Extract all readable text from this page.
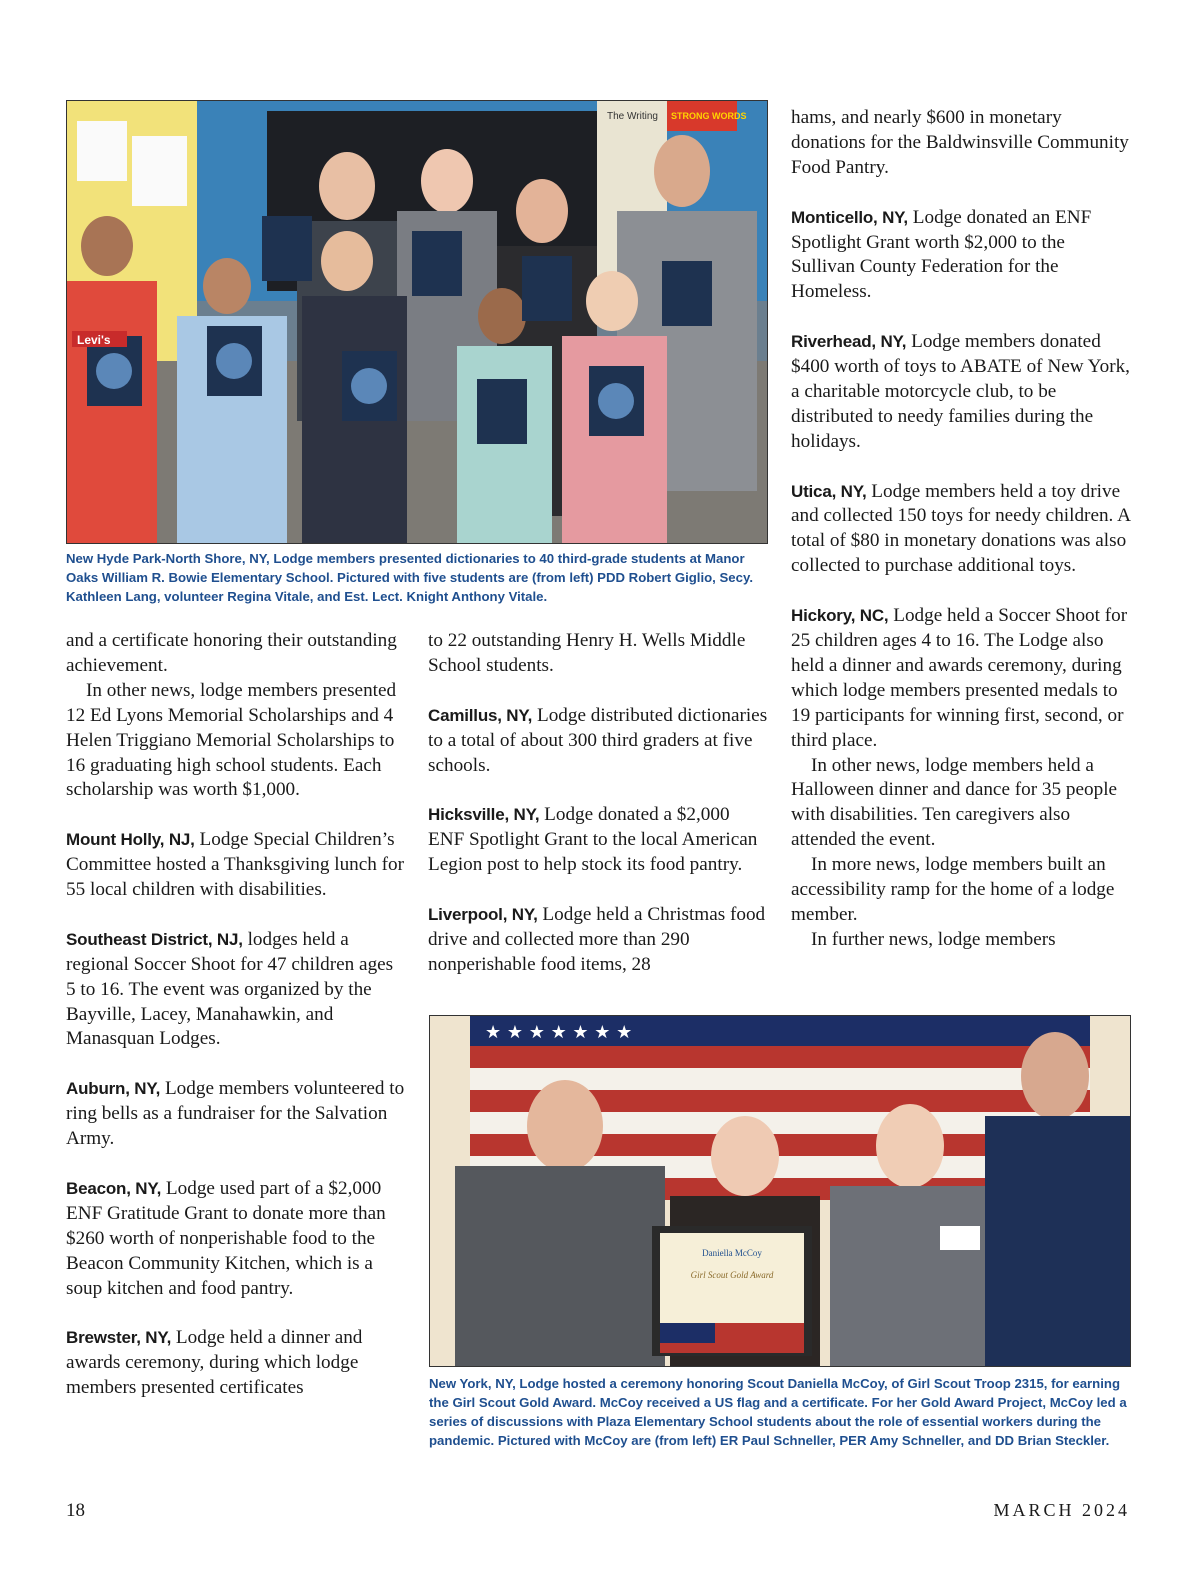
The Writing STRONG WORDS
Levi's
New Hyde Park-North Shore, NY, Lodge members presented dictionaries to 40 third-grade students at Manor Oaks William R. Bowie Elementary School. Pictured with five students are (from left) PDD Robert Giglio, Secy. Kathleen Lang, volunteer Regina Vitale, and Est. Lect. Knight Anthony Vitale.

and a certificate honoring their outstanding achievement.

In other news, lodge members presented 12 Ed Lyons Memorial Scholarships and 4 Helen Triggiano Memorial Scholarships to 16 graduating high school students. Each scholarship was worth $1,000.

Mount Holly, NJ, Lodge Special Children’s Committee hosted a Thanksgiving lunch for 55 local children with disabilities.

Southeast District, NJ, lodges held a regional Soccer Shoot for 47 children ages 5 to 16. The event was organized by the Bayville, Lacey, Manahawkin, and Manasquan Lodges.

Auburn, NY, Lodge members volunteered to ring bells as a fundraiser for the Salvation Army.

Beacon, NY, Lodge used part of a $2,000 ENF Gratitude Grant to donate more than $260 worth of nonperishable food to the Beacon Community Kitchen, which is a soup kitchen and food pantry.

Brewster, NY, Lodge held a dinner and awards ceremony, during which lodge members presented certificates

to 22 outstanding Henry H. Wells Middle School students.

Camillus, NY, Lodge distributed dictionaries to a total of about 300 third graders at five schools.

Hicksville, NY, Lodge donated a $2,000 ENF Spotlight Grant to the local American Legion post to help stock its food pantry.

Liverpool, NY, Lodge held a Christmas food drive and collected more than 290 nonperishable food items, 28

hams, and nearly $600 in monetary donations for the Baldwinsville Community Food Pantry.

Monticello, NY, Lodge donated an ENF Spotlight Grant worth $2,000 to the Sullivan County Federation for the Homeless.

Riverhead, NY, Lodge members donated $400 worth of toys to ABATE of New York, a charitable motorcycle club, to be distributed to needy families during the holidays.

Utica, NY, Lodge members held a toy drive and collected 150 toys for needy children. A total of $80 in monetary donations was also collected to purchase additional toys.

Hickory, NC, Lodge held a Soccer Shoot for 25 children ages 4 to 16. The Lodge also held a dinner and awards ceremony, during which lodge members presented medals to 19 participants for winning first, second, or third place.

In other news, lodge members held a Halloween dinner and dance for 35 people with disabilities. Ten caregivers also attended the event.

In more news, lodge members built an accessibility ramp for the home of a lodge member.

In further news, lodge members

★ ★ ★ ★ ★ ★ ★
Daniella McCoy
Girl Scout Gold Award
New York, NY, Lodge hosted a ceremony honoring Scout Daniella McCoy, of Girl Scout Troop 2315, for earning the Girl Scout Gold Award. McCoy received a US flag and a certificate. For her Gold Award Project, McCoy led a series of discussions with Plaza Elementary School students about the role of essential workers during the pandemic. Pictured with McCoy are (from left) ER Paul Schneller, PER Amy Schneller, and DD Brian Steckler.
18	MARCH 2024
